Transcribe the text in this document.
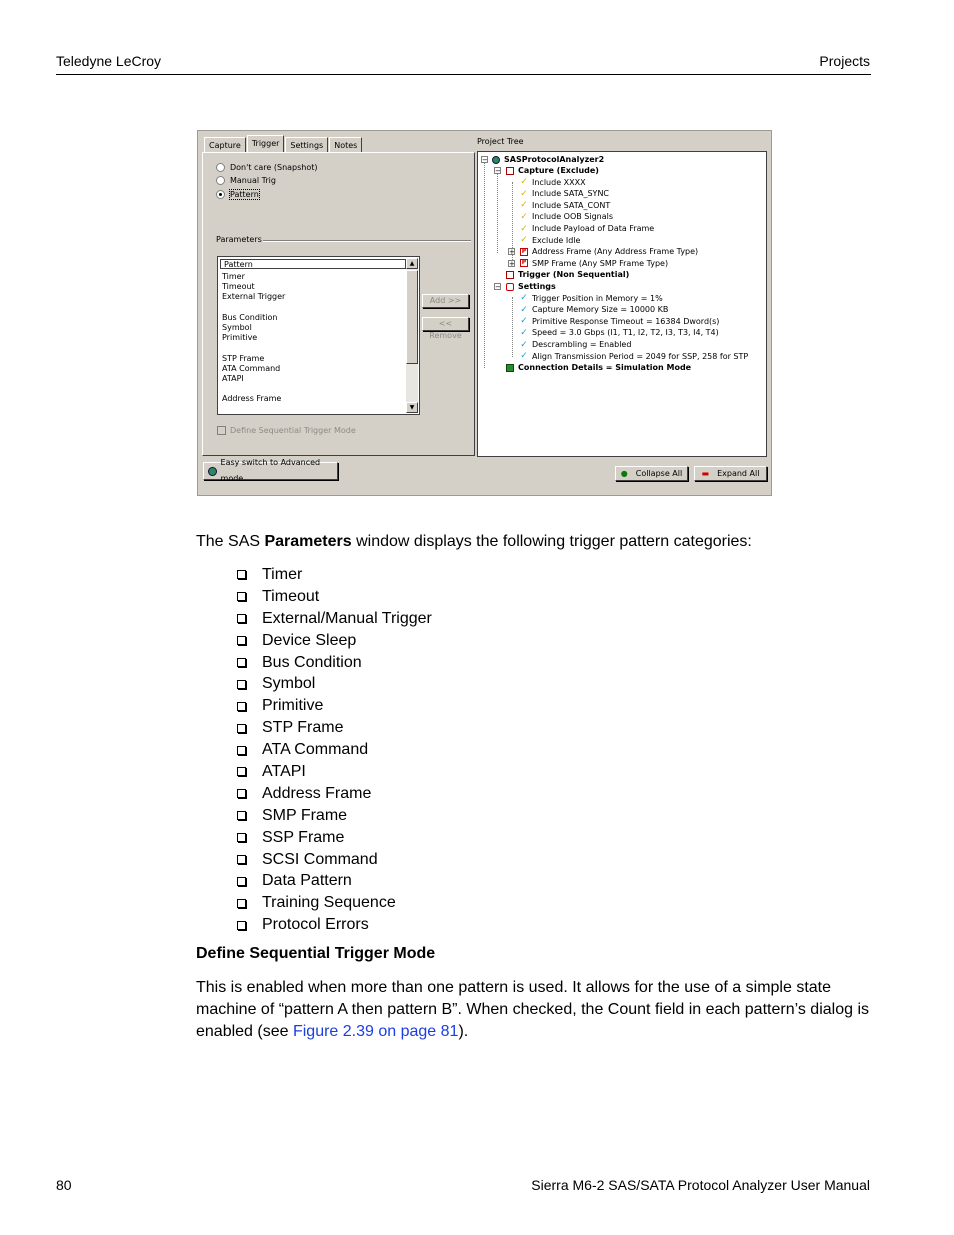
Teledyne LeCroy	Projects
Capture	Trigger	Settings	Notes
Don't care (Snapshot)
Manual Trig
Pattern
Parameters
Pattern
Timer
Timeout
External Trigger
Bus Condition
Symbol
Primitive
STP Frame
ATA Command
ATAPI
Address Frame
▲
▼
Define Sequential Trigger Mode
Add >>
<< Remove
Easy switch to Advanced mode
Project Tree
− SASProtocolAnalyzer2
− Capture (Exclude)
✓ Include XXXX
✓ Include SATA_SYNC
✓ Include SATA_CONT
✓ Include OOB Signals
✓ Include Payload of Data Frame
✓ Exclude Idle
+ P Address Frame (Any Address Frame Type)
+ P SMP Frame (Any SMP Frame Type)
Trigger (Non Sequential)
− Settings
✓ Trigger Position in Memory = 1%
✓ Capture Memory Size = 10000 KB
✓ Primitive Response Timeout = 16384 Dword(s)
✓ Speed = 3.0 Gbps (I1, T1, I2, T2, I3, T3, I4, T4)
✓ Descrambling = Enabled
✓ Align Transmission Period = 2049 for SSP, 258 for STP
Connection Details = Simulation Mode
● Collapse All ▬ Expand All
The SAS Parameters window displays the following trigger pattern categories:
Timer
Timeout
External/Manual Trigger
Device Sleep
Bus Condition
Symbol
Primitive
STP Frame
ATA Command
ATAPI
Address Frame
SMP Frame
SSP Frame
SCSI Command
Data Pattern
Training Sequence
Protocol Errors
Define Sequential Trigger Mode
This is enabled when more than one pattern is used. It allows for the use of a simple state machine of “pattern A then pattern B”. When checked, the Count field in each pattern’s dialog is enabled (see Figure 2.39 on page 81).
80	Sierra M6-2 SAS/SATA Protocol Analyzer User Manual
